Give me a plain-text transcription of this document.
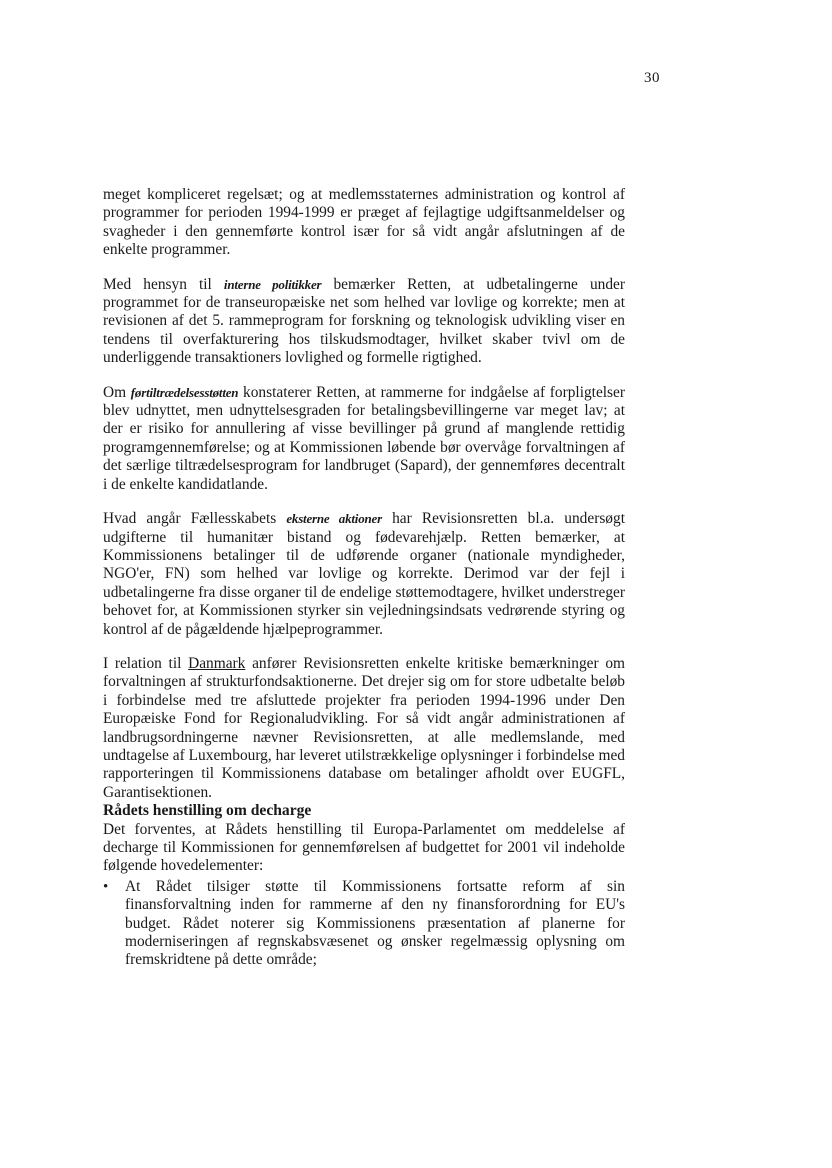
30

meget kompliceret regelsæt; og at medlemsstaternes administration og kontrol af programmer for perioden 1994-1999 er præget af fejlagtige udgiftsanmeldelser og svagheder i den gennemførte kontrol især for så vidt angår afslutningen af de enkelte programmer.

Med hensyn til interne politikker bemærker Retten, at udbetalingerne under programmet for de transeuropæiske net som helhed var lovlige og korrekte; men at revisionen af det 5. rammeprogram for forskning og teknologisk udvikling viser en tendens til overfakturering hos tilskudsmodtager, hvilket skaber tvivl om de underliggende transaktioners lovlighed og formelle rigtighed.

Om førtiltrædelsesstøtten konstaterer Retten, at rammerne for indgåelse af forpligtelser blev udnyttet, men udnyttelsesgraden for betalingsbevillingerne var meget lav; at der er risiko for annullering af visse bevillinger på grund af manglende rettidig programgennemførelse; og at Kommissionen løbende bør overvåge forvaltningen af det særlige tiltrædelsesprogram for landbruget (Sapard), der gennemføres decentralt i de enkelte kandidatlande.

Hvad angår Fællesskabets eksterne aktioner har Revisionsretten bl.a. undersøgt udgifterne til humanitær bistand og fødevarehjælp. Retten bemærker, at Kommissionens betalinger til de udførende organer (nationale myndigheder, NGO'er, FN) som helhed var lovlige og korrekte. Derimod var der fejl i udbetalingerne fra disse organer til de endelige støttemodtagere, hvilket understreger behovet for, at Kommissionen styrker sin vejledningsindsats vedrørende styring og kontrol af de pågældende hjælpeprogrammer.

I relation til Danmark anfører Revisionsretten enkelte kritiske bemærkninger om forvaltningen af strukturfondsaktionerne. Det drejer sig om for store udbetalte beløb i forbindelse med tre afsluttede projekter fra perioden 1994-1996 under Den Europæiske Fond for Regionaludvikling. For så vidt angår administrationen af landbrugsordningerne nævner Revisionsretten, at alle medlemslande, med undtagelse af Luxembourg, har leveret utilstrækkelige oplysninger i forbindelse med rapporteringen til Kommissionens database om betalinger afholdt over EUGFL, Garantisektionen.

Rådets henstilling om decharge

Det forventes, at Rådets henstilling til Europa-Parlamentet om meddelelse af decharge til Kommissionen for gennemførelsen af budgettet for 2001 vil indeholde følgende hovedelementer:

•	At Rådet tilsiger støtte til Kommissionens fortsatte reform af sin finansforvaltning inden for rammerne af den ny finansforordning for EU's budget. Rådet noterer sig Kommissionens præsentation af planerne for moderniseringen af regnskabsvæsenet og ønsker regelmæssig oplysning om fremskridtene på dette område;
